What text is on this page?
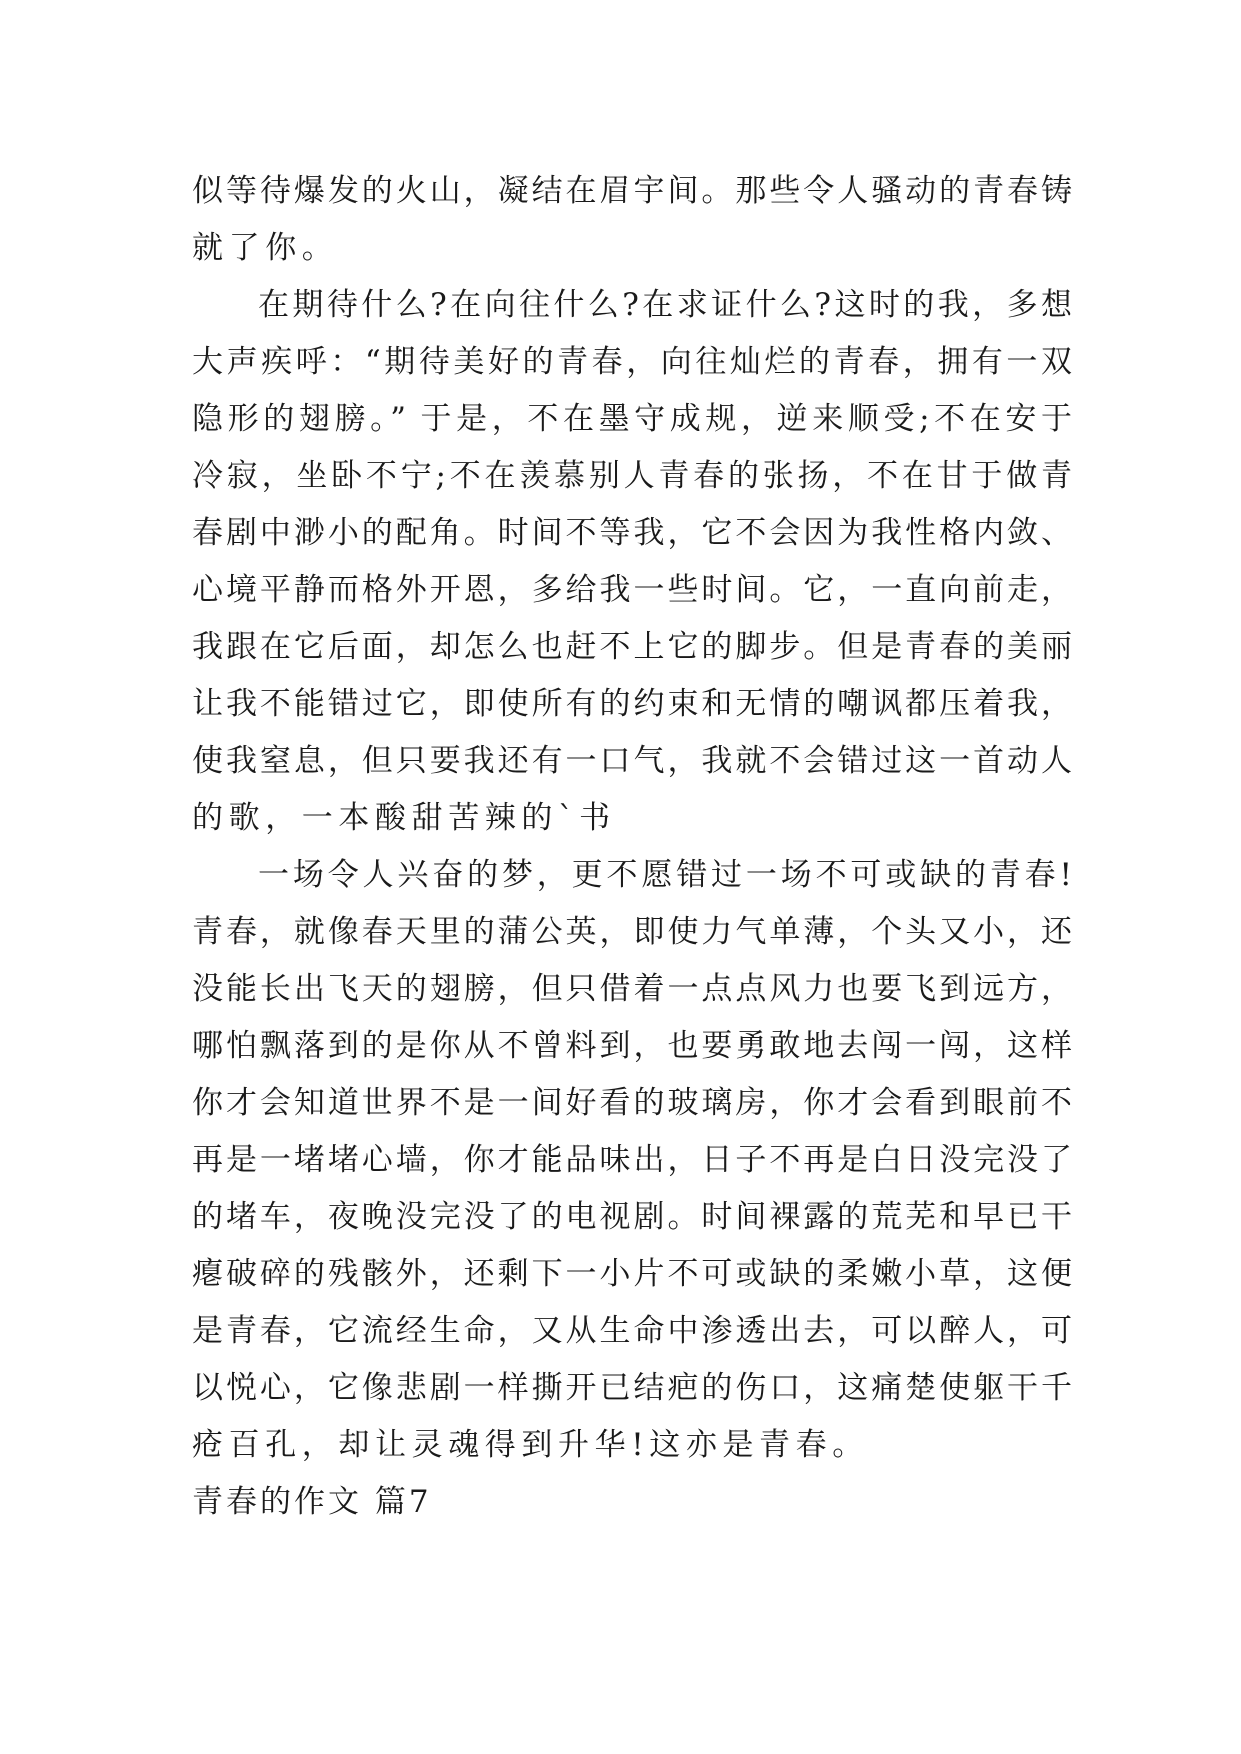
似等待爆发的火山，凝结在眉宇间。那些令人骚动的青春铸
就了你。
在期待什么?在向往什么?在求证什么?这时的我，多想
大声疾呼：“期待美好的青春，向往灿烂的青春，拥有一双
隐形的翅膀。” 于是，不在墨守成规，逆来顺受;不在安于
冷寂，坐卧不宁;不在羡慕别人青春的张扬，不在甘于做青
春剧中渺小的配角。时间不等我，它不会因为我性格内敛、
心境平静而格外开恩，多给我一些时间。它，一直向前走，
我跟在它后面，却怎么也赶不上它的脚步。但是青春的美丽
让我不能错过它，即使所有的约束和无情的嘲讽都压着我，
使我窒息，但只要我还有一口气，我就不会错过这一首动人
的歌，一本酸甜苦辣的`书
一场令人兴奋的梦，更不愿错过一场不可或缺的青春!
青春，就像春天里的蒲公英，即使力气单薄，个头又小，还
没能长出飞天的翅膀，但只借着一点点风力也要飞到远方，
哪怕飘落到的是你从不曾料到，也要勇敢地去闯一闯，这样
你才会知道世界不是一间好看的玻璃房，你才会看到眼前不
再是一堵堵心墙，你才能品味出，日子不再是白日没完没了
的堵车，夜晚没完没了的电视剧。时间裸露的荒芜和早已干
瘪破碎的残骸外，还剩下一小片不可或缺的柔嫩小草，这便
是青春，它流经生命，又从生命中渗透出去，可以醉人，可
以悦心，它像悲剧一样撕开已结疤的伤口，这痛楚使躯干千
疮百孔，却让灵魂得到升华!这亦是青春。
青春的作文 篇7
